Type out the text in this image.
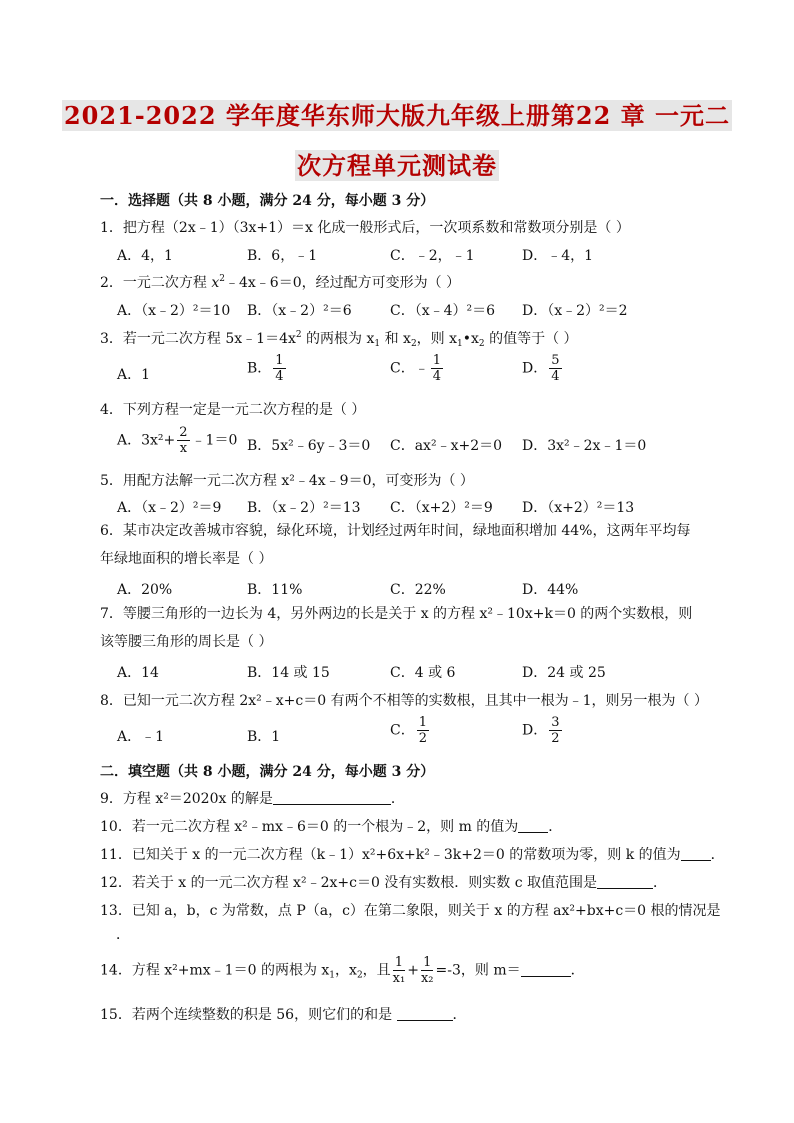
2021-2022 学年度华东师大版九年级上册第22 章 一元二
次方程单元测试卷
一．选择题（共 8 小题，满分 24 分，每小题 3 分）
1．把方程（2x﹣1）（3x+1）＝x 化成一般形式后，一次项系数和常数项分别是（ ）
A．4，1	B．6，﹣1	C．﹣2，﹣1	D．﹣4，1
2．一元二次方程 $x^2﹣4x﹣6=0$，经过配方可变形为（ ）
A．（x﹣2）²＝10 B．（x﹣2）²＝6	C．（x﹣4）²＝6 D．（x﹣2）²＝2
3．若一元二次方程 $5x﹣1=4x^2$ 的两根为 $x_1$ 和 $x_2$，则 $x_1•x_2$ 的值等于（ ）
A．1	B． $\frac{1}{4}$	C．﹣ $\frac{1}{4}$	D． $\frac{5}{4}$
4．下列方程一定是一元二次方程的是（ ）
A．$3x^2+ \frac{2}{x}$ ﹣1＝0 B．5x²﹣6y﹣3＝0 C．ax²﹣x+2＝0 D．3x²﹣2x﹣1＝0
5．用配方法解一元二次方程 x²﹣4x﹣9＝0，可变形为（ ）
A．（x﹣2）²＝9 B．（x﹣2）²＝13 C．（x+2）²＝9 D．（x+2）²＝13
6．某市决定改善城市容貌，绿化环境，计划经过两年时间，绿地面积增加 44%，这两年平均每年绿地面积的增长率是（ ）
A．20%	B．11%	C．22%	D．44%
7．等腰三角形的一边长为 4，另外两边的长是关于 x 的方程 x²﹣10x+k＝0 的两个实数根，则该等腰三角形的周长是（ ）
A．14	B．14 或 15	C．4 或 6	D．24 或 25
8．已知一元二次方程 2x²﹣x+c＝0 有两个不相等的实数根，且其中一根为﹣1，则另一根为（ ）
A．﹣1	B．1	C． $\frac{1}{2}$	D． $\frac{3}{2}$
二．填空题（共 8 小题，满分 24 分，每小题 3 分）
9．方程 x²＝2020x 的解是	．
10．若一元二次方程 x²﹣mx﹣6＝0 的一个根为﹣2，则 m 的值为 ．
11．已知关于 x 的一元二次方程（k﹣1）x²+6x+k²﹣3k+2＝0 的常数项为零，则 k 的值为 ．
12．若关于 x 的一元二次方程 x²﹣2x+c＝0 没有实数根．则实数 c 取值范围是	．
13．已知 a，b，c 为常数，点 P（a，c）在第二象限，则关于 x 的方程 ax²+bx+c＝0 根的情况是
．
14．方程 x²+mx﹣1＝0 的两根为 $x_1$，$x_2$，且 $\frac{1}{\text{x₁}} + \frac{1}{\text{x₂}} =-3$，则 m＝	．
15．若两个连续整数的积是 56，则它们的和是	．
